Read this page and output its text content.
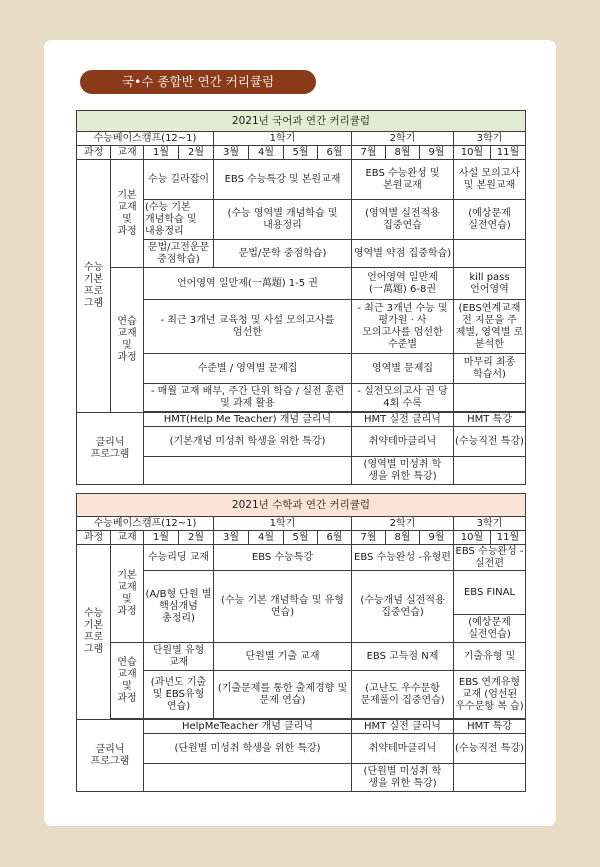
국•수 종합반 연간 커리큘럼
2021년 국어과 연간 커리큘럼												
수능베이스캠프(12~1)				1학기				2학기			3학기	
과정	교재	1월	2월	3월	4월	5월	6월	7월	8월	9월	10월	11월
수능 기본 프로 그램	기본 교재 및 과정	수능 길라잡이		EBS 수능특강 및 본원교재				EBS 수능완성 및 본원교재			사설 모의고사 및 본원교재	
		(수능 기본 개념학습 및 내용정리		(수능 영역별 개념학습 및 내용정리				(영역별 실전적용 집중연습			(예상문제 실전연습)	
		문법/고전운문 중점학습)		문법/문학 중점학습)				영역별 약점 집중학습)				
	연습 교재 및 과정	언어영역 일만제(一萬題) 1-5 권						언어영역 일만제 (一萬題) 6-8권			kill pass 언어영역	
		- 최근 3개년 교육청 및 사설 모의고사를 엄선한						- 최근 3개년 수능 및 평가원 · 사 모의고사를 엄선한 수준별			(EBS연계교재 전 지문을 주 제별, 영역별 로 분석한	
		수준별 / 영역별 문제집						영역별 문제집			마무리 최종 학습서)	
		- 매월 교재 배부, 주간 단위 학습 / 실전 훈련 및 과제 활용						- 실전모의고사 권 당 4회 수록				

클리닉 프로그램		HMT(Help Me Teacher) 개념 클리닉						HMT 실전 클리닉			HMT 특강	
		(기본개념 미성취 학생을 위한 특강)						취약테마클리닉			(수능직전 특강)	
								(영역별 미성취 학 생을 위한 특강)				
2021년 수학과 연간 커리큘럼												
수능베이스캠프(12~1)				1학기				2학기			3학기	
과정	교재	1월	2월	3월	4월	5월	6월	7월	8월	9월	10월	11월
수능 기본 프로 그램	기본 교재 및 과정	수능리딩 교재		EBS 수능특강				EBS 수능완성 -유형편			EBS 수능완성 -실전편	
		(A/B형 단원 별 핵심개념 총정리)		(수능 기본 개념학습 및 유형 연습)				(수능개념 실전적용 집중연습)			EBS FINAL	
											(예상문제 실전연습)	
	연습 교재 및 과정	단원별 유형 교재		단원별 기출 교재				EBS 고득점 N제			기출유형 및	
		(과년도 기출 및 EBS유형 연습)		(기출문제를 통한 출제경향 및 문제 연습)				(고난도 우수문항 문제풀이 집중연습)			EBS 연계유형 교재 (엄선된 우수문항 복 습)	

클리닉 프로그램		HelpMeTeacher 개념 클리닉						HMT 실전 클리닉			HMT 특강	
		(단원별 미성취 학생을 위한 특강)						취약테마클리닉			(수능직전 특강)	
								(단원별 미성취 학 생을 위한 특강)				
